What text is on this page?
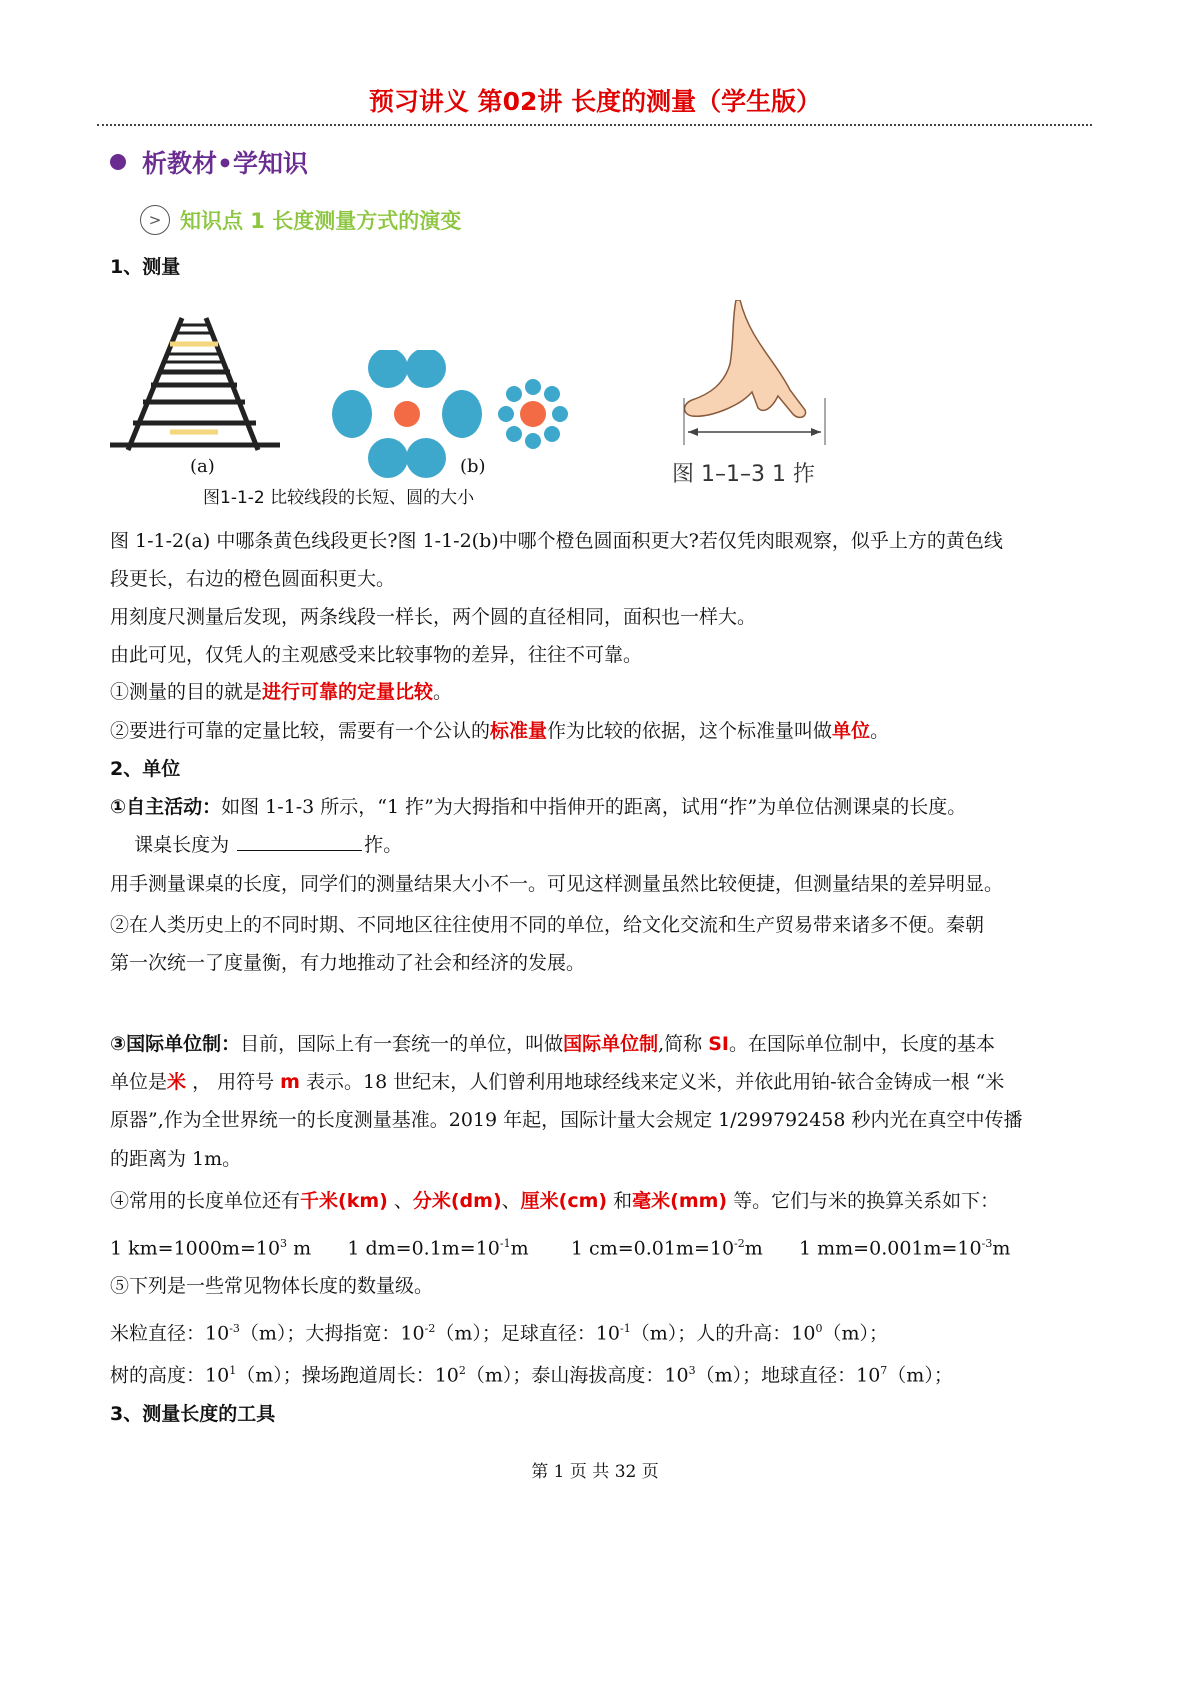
预习讲义 第02讲 长度的测量（学生版）
析教材•学知识
> 知识点 1 长度测量方式的演变
(a)	(b)
图1-1-2 比较线段的长短、圆的大小
图 1–1–3 1 拃
1、测量
图 1-1-2(a) 中哪条黄色线段更长?图 1-1-2(b)中哪个橙色圆面积更大?若仅凭肉眼观察，似乎上方的黄色线
段更长，右边的橙色圆面积更大。
用刻度尺测量后发现，两条线段一样长，两个圆的直径相同，面积也一样大。
由此可见，仅凭人的主观感受来比较事物的差异，往往不可靠。
①测量的目的就是进行可靠的定量比较。
②要进行可靠的定量比较，需要有一个公认的标准量作为比较的依据，这个标准量叫做单位。
2、单位
①自主活动：如图 1-1-3 所示，“1 拃”为大拇指和中指伸开的距离，试用“拃”为单位估测课桌的长度。
课桌长度为	拃。
用手测量课桌的长度，同学们的测量结果大小不一。可见这样测量虽然比较便捷，但测量结果的差异明显。
②在人类历史上的不同时期、不同地区往往使用不同的单位，给文化交流和生产贸易带来诸多不便。秦朝
第一次统一了度量衡，有力地推动了社会和经济的发展。
③国际单位制：目前，国际上有一套统一的单位，叫做国际单位制,简称 SI。在国际单位制中，长度的基本
单位是米 ， 用符号 m 表示。18 世纪末，人们曾利用地球经线来定义米，并依此用铂-铱合金铸成一根 “米
原器”,作为全世界统一的长度测量基准。2019 年起，国际计量大会规定 1/299792458 秒内光在真空中传播
的距离为 1m。
④常用的长度单位还有千米(km) 、分米(dm)、厘米(cm) 和毫米(mm) 等。它们与米的换算关系如下：
1 $km=1000m=10^3$ m      1 $dm=0.1m=10^{-1}m$       1 $cm=0.01m=10^{-2}m$      1 $mm=0.001m=10^{-3}m$
⑤下列是一些常见物体长度的数量级。
米粒直径：$10^{-3}(m)$；大拇指宽：$10^{-2}(m)$；足球直径：$10^{-1}(m)$；人的升高：$10^0(m)$；
树的高度：$10^1(m)$；操场跑道周长：$10^2(m)$；泰山海拔高度：$10^3(m)$；地球直径：$10^7(m)$；
3、测量长度的工具
第 1 页 共 32 页
